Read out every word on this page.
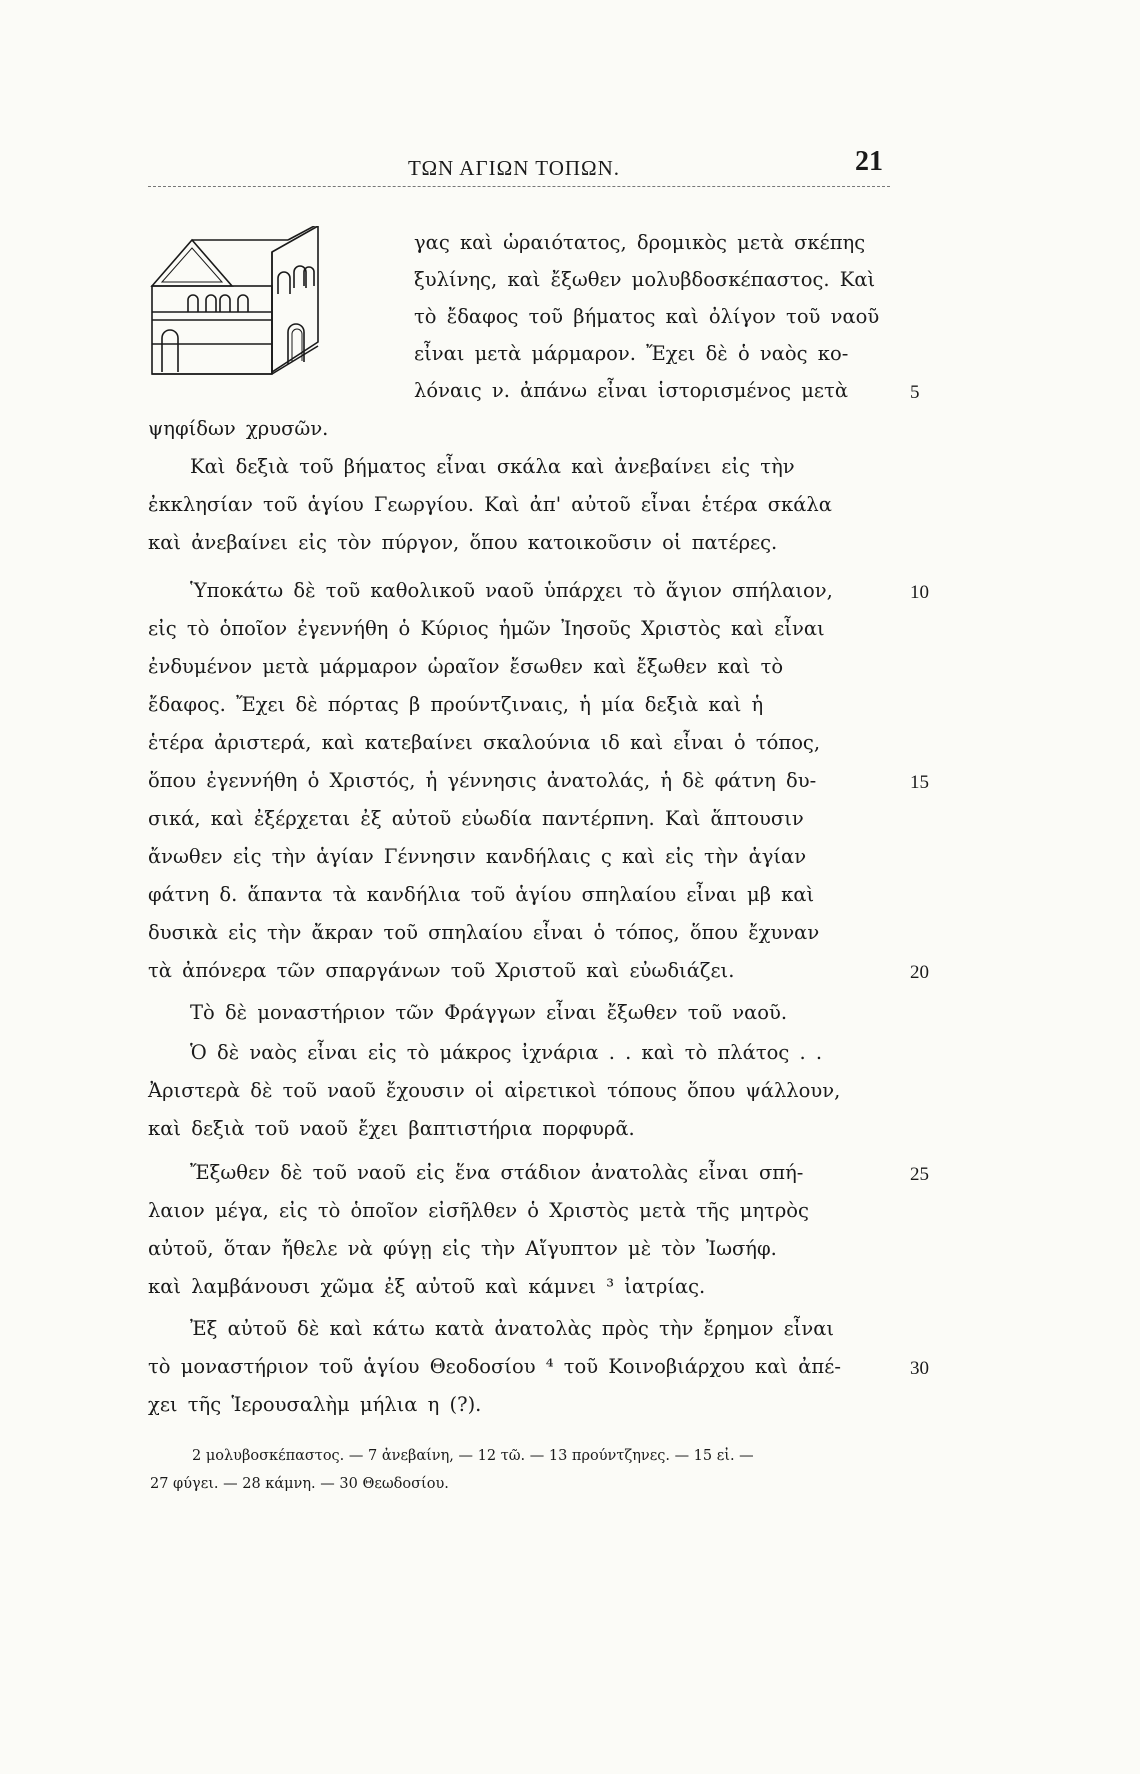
ΤΩΝ ΑΓΙΩΝ ΤΟΠΩΝ.	21
γας καὶ ὡραιότατος, δρομικὸς μετὰ σκέπης
ξυλίνης, καὶ ἔξωθεν μολυβδοσκέπαστος. Καὶ
τὸ ἔδαφος τοῦ βήματος καὶ ὀλίγον τοῦ ναοῦ
εἶναι μετὰ μάρμαρον. Ἔχει δὲ ὁ ναὸς κο-
λόναις ν. ἀπάνω εἶναι ἱστορισμένος μετὰ
ψηφίδων χρυσῶν.
Καὶ δεξιὰ τοῦ βήματος εἶναι σκάλα καὶ ἀνεβαίνει εἰς τὴν
ἐκκλησίαν τοῦ ἁγίου Γεωργίου. Καὶ ἀπ' αὐτοῦ εἶναι ἑτέρα σκάλα
καὶ ἀνεβαίνει εἰς τὸν πύργον, ὅπου κατοικοῦσιν οἱ πατέρες.
Ὑποκάτω δὲ τοῦ καθολικοῦ ναοῦ ὑπάρχει τὸ ἅγιον σπήλαιον,
εἰς τὸ ὁποῖον ἐγεννήθη ὁ Κύριος ἡμῶν Ἰησοῦς Χριστὸς καὶ εἶναι
ἐνδυμένον μετὰ μάρμαρον ὡραῖον ἔσωθεν καὶ ἔξωθεν καὶ τὸ
ἔδαφος. Ἔχει δὲ πόρτας β προύντζιναις, ἡ μία δεξιὰ καὶ ἡ
ἑτέρα ἀριστερά, καὶ κατεβαίνει σκαλούνια ιδ καὶ εἶναι ὁ τόπος,
ὅπου ἐγεννήθη ὁ Χριστός, ἡ γέννησις ἀνατολάς, ἡ δὲ φάτνη δυ-
σικά, καὶ ἐξέρχεται ἐξ αὐτοῦ εὐωδία παντέρπνη. Καὶ ἅπτουσιν
ἄνωθεν εἰς τὴν ἁγίαν Γέννησιν κανδήλαις ς καὶ εἰς τὴν ἁγίαν
φάτνη δ. ἅπαντα τὰ κανδήλια τοῦ ἁγίου σπηλαίου εἶναι μβ καὶ
δυσικὰ εἰς τὴν ἄκραν τοῦ σπηλαίου εἶναι ὁ τόπος, ὅπου ἔχυναν
τὰ ἀπόνερα τῶν σπαργάνων τοῦ Χριστοῦ καὶ εὐωδιάζει.
Τὸ δὲ μοναστήριον τῶν Φράγγων εἶναι ἔξωθεν τοῦ ναοῦ.
Ὁ δὲ ναὸς εἶναι εἰς τὸ μάκρος ἰχνάρια . . καὶ τὸ πλάτος . .
Ἀριστερὰ δὲ τοῦ ναοῦ ἔχουσιν οἱ αἱρετικοὶ τόπους ὅπου ψάλλουν,
καὶ δεξιὰ τοῦ ναοῦ ἔχει βαπτιστήρια πορφυρᾶ.
Ἔξωθεν δὲ τοῦ ναοῦ εἰς ἕνα στάδιον ἀνατολὰς εἶναι σπή-
λαιον μέγα, εἰς τὸ ὁποῖον εἰσῆλθεν ὁ Χριστὸς μετὰ τῆς μητρὸς
αὐτοῦ, ὅταν ἤθελε νὰ φύγῃ εἰς τὴν Αἴγυπτον μὲ τὸν Ἰωσήφ.
καὶ λαμβάνουσι χῶμα ἐξ αὐτοῦ καὶ κάμνει ³ ἰατρίας.
Ἐξ αὐτοῦ δὲ καὶ κάτω κατὰ ἀνατολὰς πρὸς τὴν ἔρημον εἶναι
τὸ μοναστήριον τοῦ ἁγίου Θεοδοσίου ⁴ τοῦ Κοινοβιάρχου καὶ ἀπέ-
χει τῆς Ἱερουσαλὴμ μήλια η (?).
5
10
15
20
25
30
2 μολυβοσκέπαστος. — 7 ἀνεβαίνη, — 12 τῶ. — 13 προύντζηνες. — 15 εἰ. —
27 φύγει. — 28 κάμνη. — 30 Θεωδοσίου.
